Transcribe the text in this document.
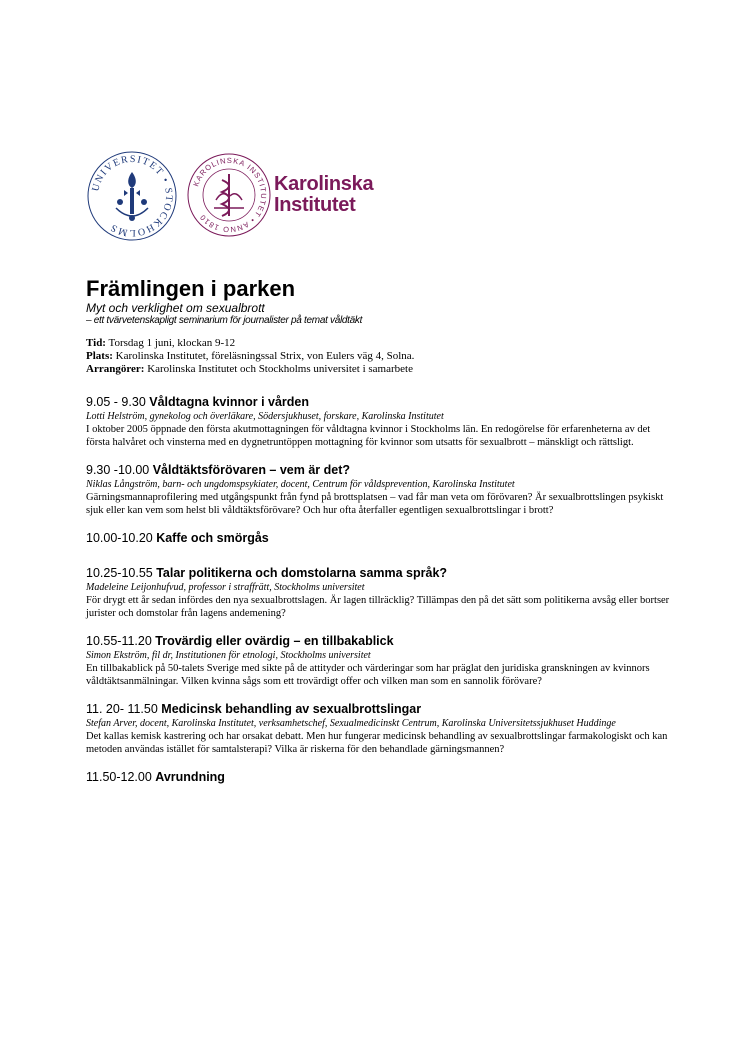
UNIVERSITET • STOCKHOLMS
KAROLINSKA INSTITUTET • ANNO 1810
Karolinska
Institutet
Främlingen i parken

Myt och verklighet om sexualbrott

– ett tvärvetenskapligt seminarium för journalister på temat våldtäkt

Tid: Torsdag 1 juni, klockan 9-12

Plats: Karolinska Institutet, föreläsningssal Strix, von Eulers väg 4, Solna.

Arrangörer: Karolinska Institutet och Stockholms universitet i samarbete

9.05 - 9.30 Våldtagna kvinnor i vården

Lotti Helström, gynekolog och överläkare, Södersjukhuset, forskare, Karolinska Institutet

I oktober 2005 öppnade den första akutmottagningen för våldtagna kvinnor i Stockholms län. En redogörelse för erfarenheterna av det första halvåret och vinsterna med en dygnetruntöppen mottagning för kvinnor som utsatts för sexualbrott – mänskligt och rättsligt.

9.30 -10.00 Våldtäktsförövaren – vem är det?

Niklas Långström, barn- och ungdomspsykiater, docent, Centrum för våldsprevention, Karolinska Institutet

Gärningsmannaprofilering med utgångspunkt från fynd på brottsplatsen – vad får man veta om förövaren? Är sexualbrottslingen psykiskt sjuk eller kan vem som helst bli våldtäktsförövare? Och hur ofta återfaller egentligen sexualbrottslingar i brott?

10.00-10.20 Kaffe och smörgås

10.25-10.55 Talar politikerna och domstolarna samma språk?

Madeleine Leijonhufvud, professor i straffrätt, Stockholms universitet

För drygt ett år sedan infördes den nya sexualbrottslagen. Är lagen tillräcklig? Tillämpas den på det sätt som politikerna avsåg eller bortser jurister och domstolar från lagens andemening?

10.55-11.20 Trovärdig eller ovärdig – en tillbakablick

Simon Ekström, fil dr, Institutionen för etnologi, Stockholms universitet

En tillbakablick på 50-talets Sverige med sikte på de attityder och värderingar som har präglat den juridiska granskningen av kvinnors våldtäktsanmälningar. Vilken kvinna sågs som ett trovärdigt offer och vilken man som en sannolik förövare?

11. 20- 11.50 Medicinsk behandling av sexualbrottslingar

Stefan Arver, docent, Karolinska Institutet, verksamhetschef, Sexualmedicinskt Centrum, Karolinska Universitetssjukhuset Huddinge

Det kallas kemisk kastrering och har orsakat debatt. Men hur fungerar medicinsk behandling av sexualbrottslingar farmakologiskt och kan metoden användas istället för samtalsterapi? Vilka är riskerna för den behandlade gärningsmannen?

11.50-12.00 Avrundning
